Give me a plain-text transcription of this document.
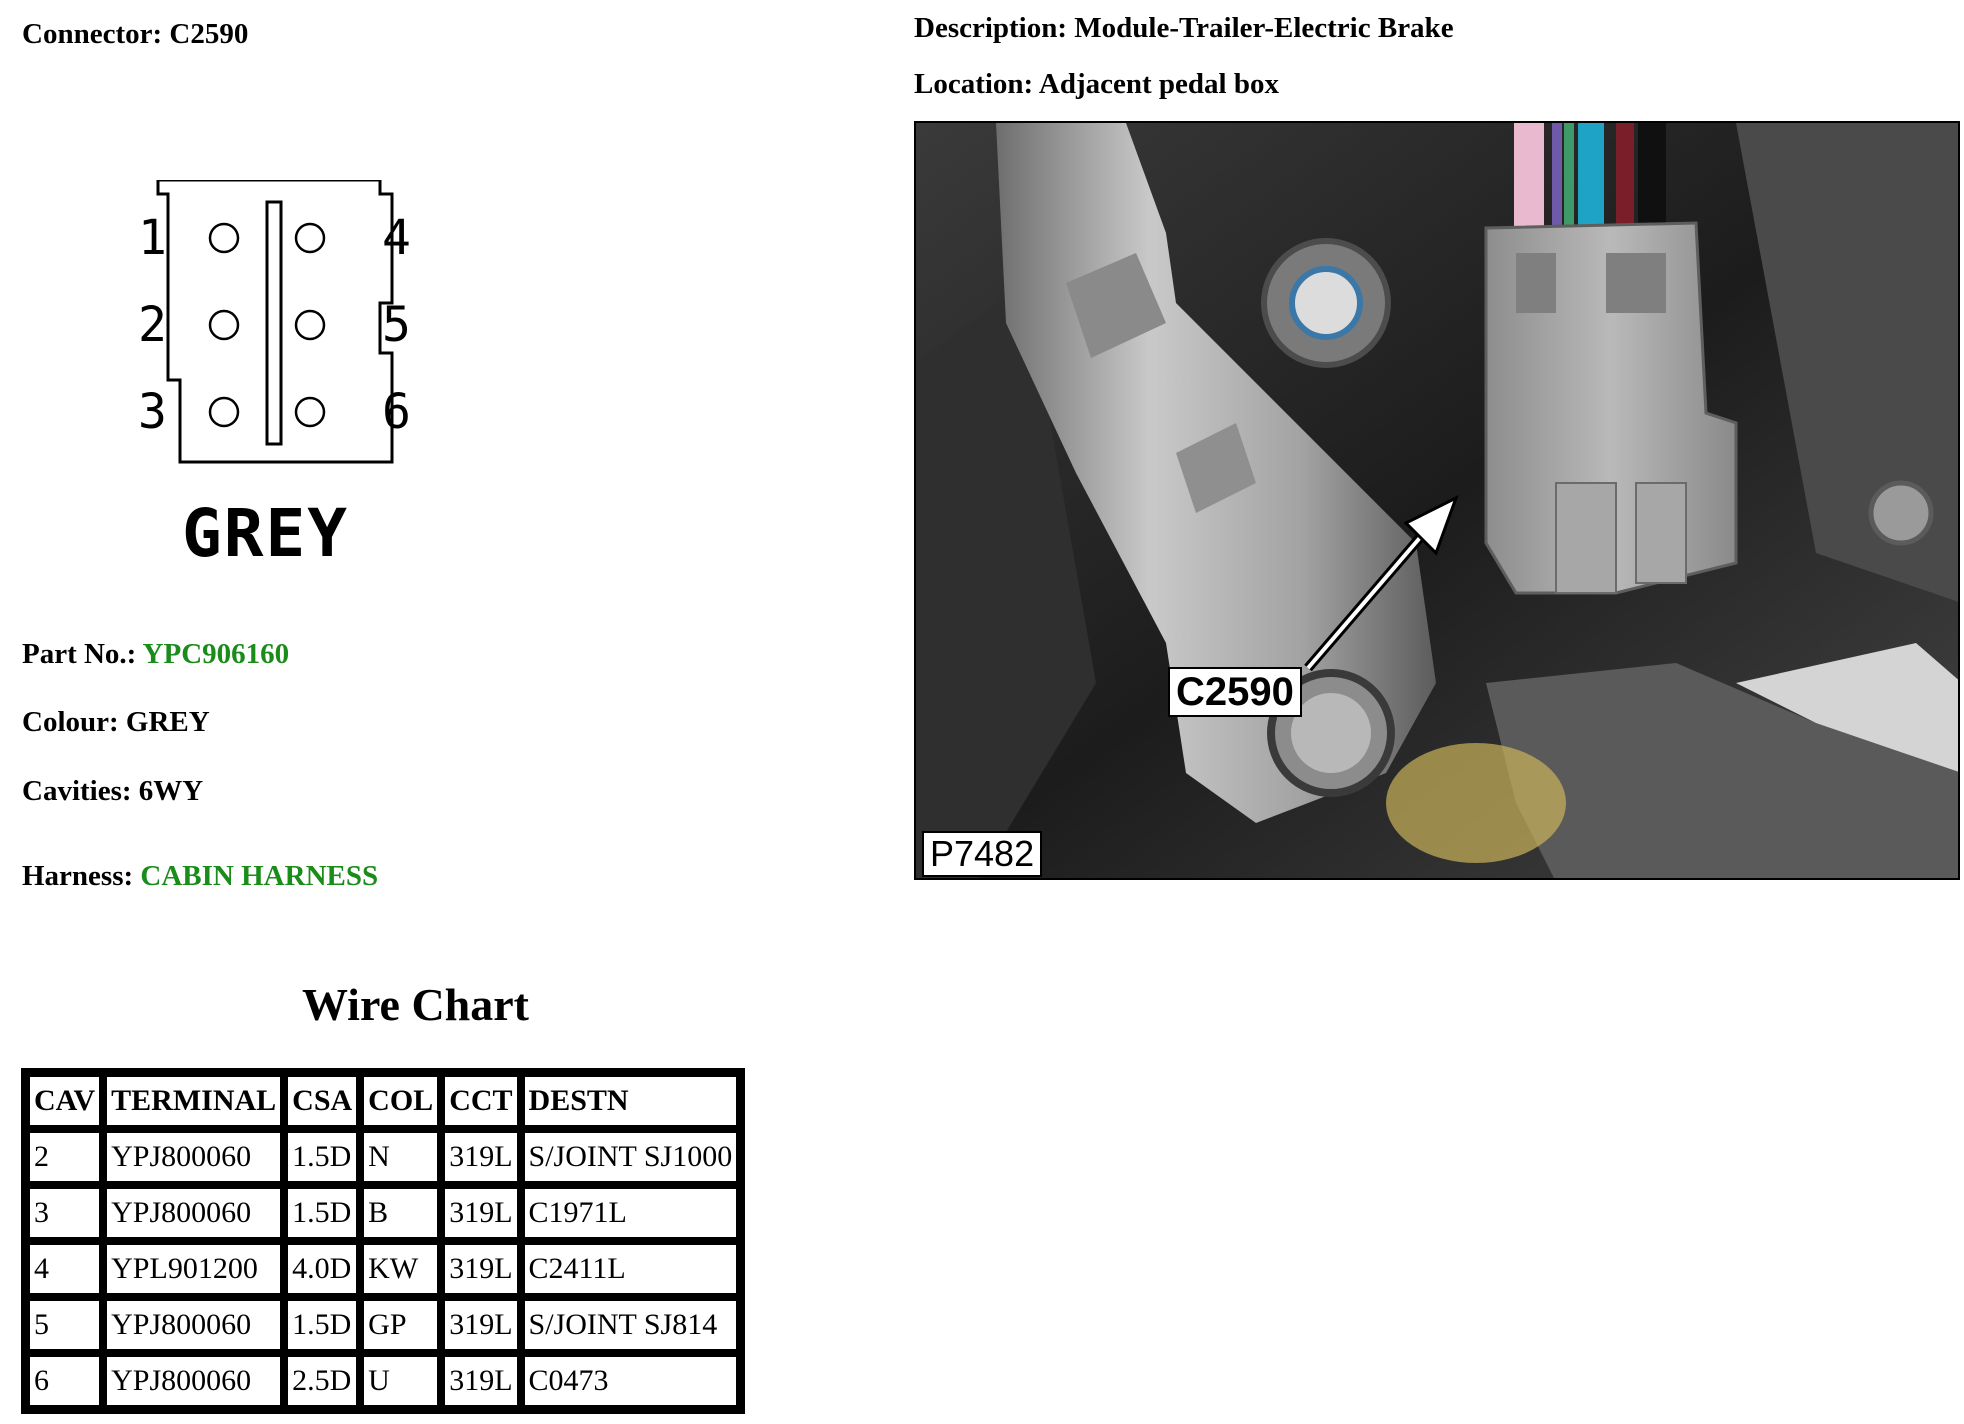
Connector: C2590	Description: Module-Trailer-Electric Brake
Location: Adjacent pedal box
1
2
3
4
5
6
GREY
Part No.: YPC906160
Colour: GREY
Cavities: 6WY
Harness: CABIN HARNESS
C2590
P7482
Wire Chart
CAV	TERMINAL	CSA	COL	CCT	DESTN
2	YPJ800060	1.5D	N	319L	S/JOINT SJ1000
3	YPJ800060	1.5D	B	319L	C1971L
4	YPL901200	4.0D	KW	319L	C2411L
5	YPJ800060	1.5D	GP	319L	S/JOINT SJ814
6	YPJ800060	2.5D	U	319L	C0473
